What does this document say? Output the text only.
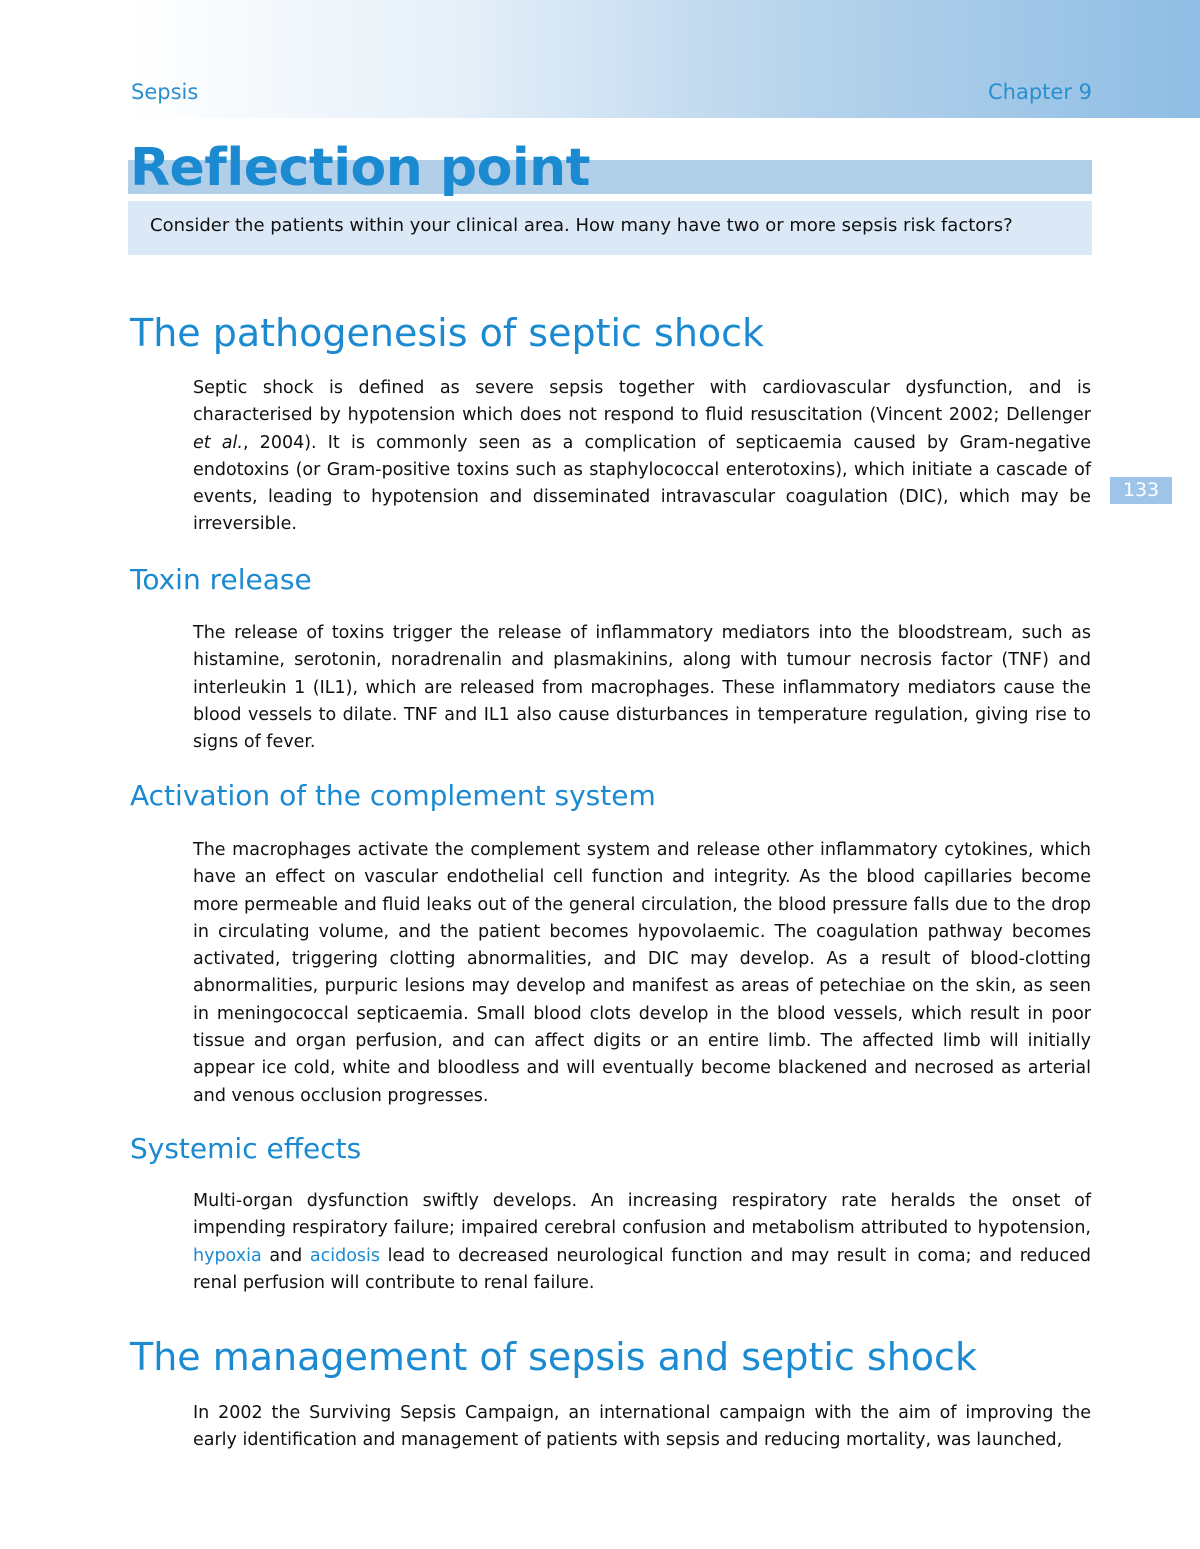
Sepsis	Chapter 9
Reflection point

Consider the patients within your clinical area. How many have two or more sepsis risk factors?

133
The pathogenesis of septic shock

Septic shock is defined as severe sepsis together with cardiovascular dysfunction, and is characterised by hypotension which does not respond to fluid resuscitation (Vincent 2002; Dellenger et al., 2004). It is commonly seen as a complication of septicaemia caused by Gram-negative endotoxins (or Gram-positive toxins such as staphylococcal enterotoxins), which initiate a cascade of events, leading to hypotension and disseminated intravascular coagulation (DIC), which may be irreversible.

Toxin release

The release of toxins trigger the release of inflammatory mediators into the bloodstream, such as histamine, serotonin, noradrenalin and plasmakinins, along with tumour necrosis factor (TNF) and interleukin 1 (IL1), which are released from macrophages. These inflammatory mediators cause the blood vessels to dilate. TNF and IL1 also cause disturbances in temperature regulation, giving rise to signs of fever.

Activation of the complement system

The macrophages activate the complement system and release other inflammatory cytokines, which have an effect on vascular endothelial cell function and integrity. As the blood capillaries become more permeable and fluid leaks out of the general circulation, the blood pressure falls due to the drop in circulating volume, and the patient becomes hypovolaemic. The coagulation pathway becomes activated, triggering clotting abnormalities, and DIC may develop. As a result of blood-clotting abnormalities, purpuric lesions may develop and manifest as areas of petechiae on the skin, as seen in meningococcal septicaemia. Small blood clots develop in the blood vessels, which result in poor tissue and organ perfusion, and can affect digits or an entire limb. The affected limb will initially appear ice cold, white and bloodless and will eventually become blackened and necrosed as arterial and venous occlusion progresses.

Systemic effects

Multi-organ dysfunction swiftly develops. An increasing respiratory rate heralds the onset of impending respiratory failure; impaired cerebral confusion and metabolism attributed to hypotension, hypoxia and acidosis lead to decreased neurological function and may result in coma; and reduced renal perfusion will contribute to renal failure.

The management of sepsis and septic shock

In 2002 the Surviving Sepsis Campaign, an international campaign with the aim of improving the early identification and management of patients with sepsis and reducing mortality, was launched,
